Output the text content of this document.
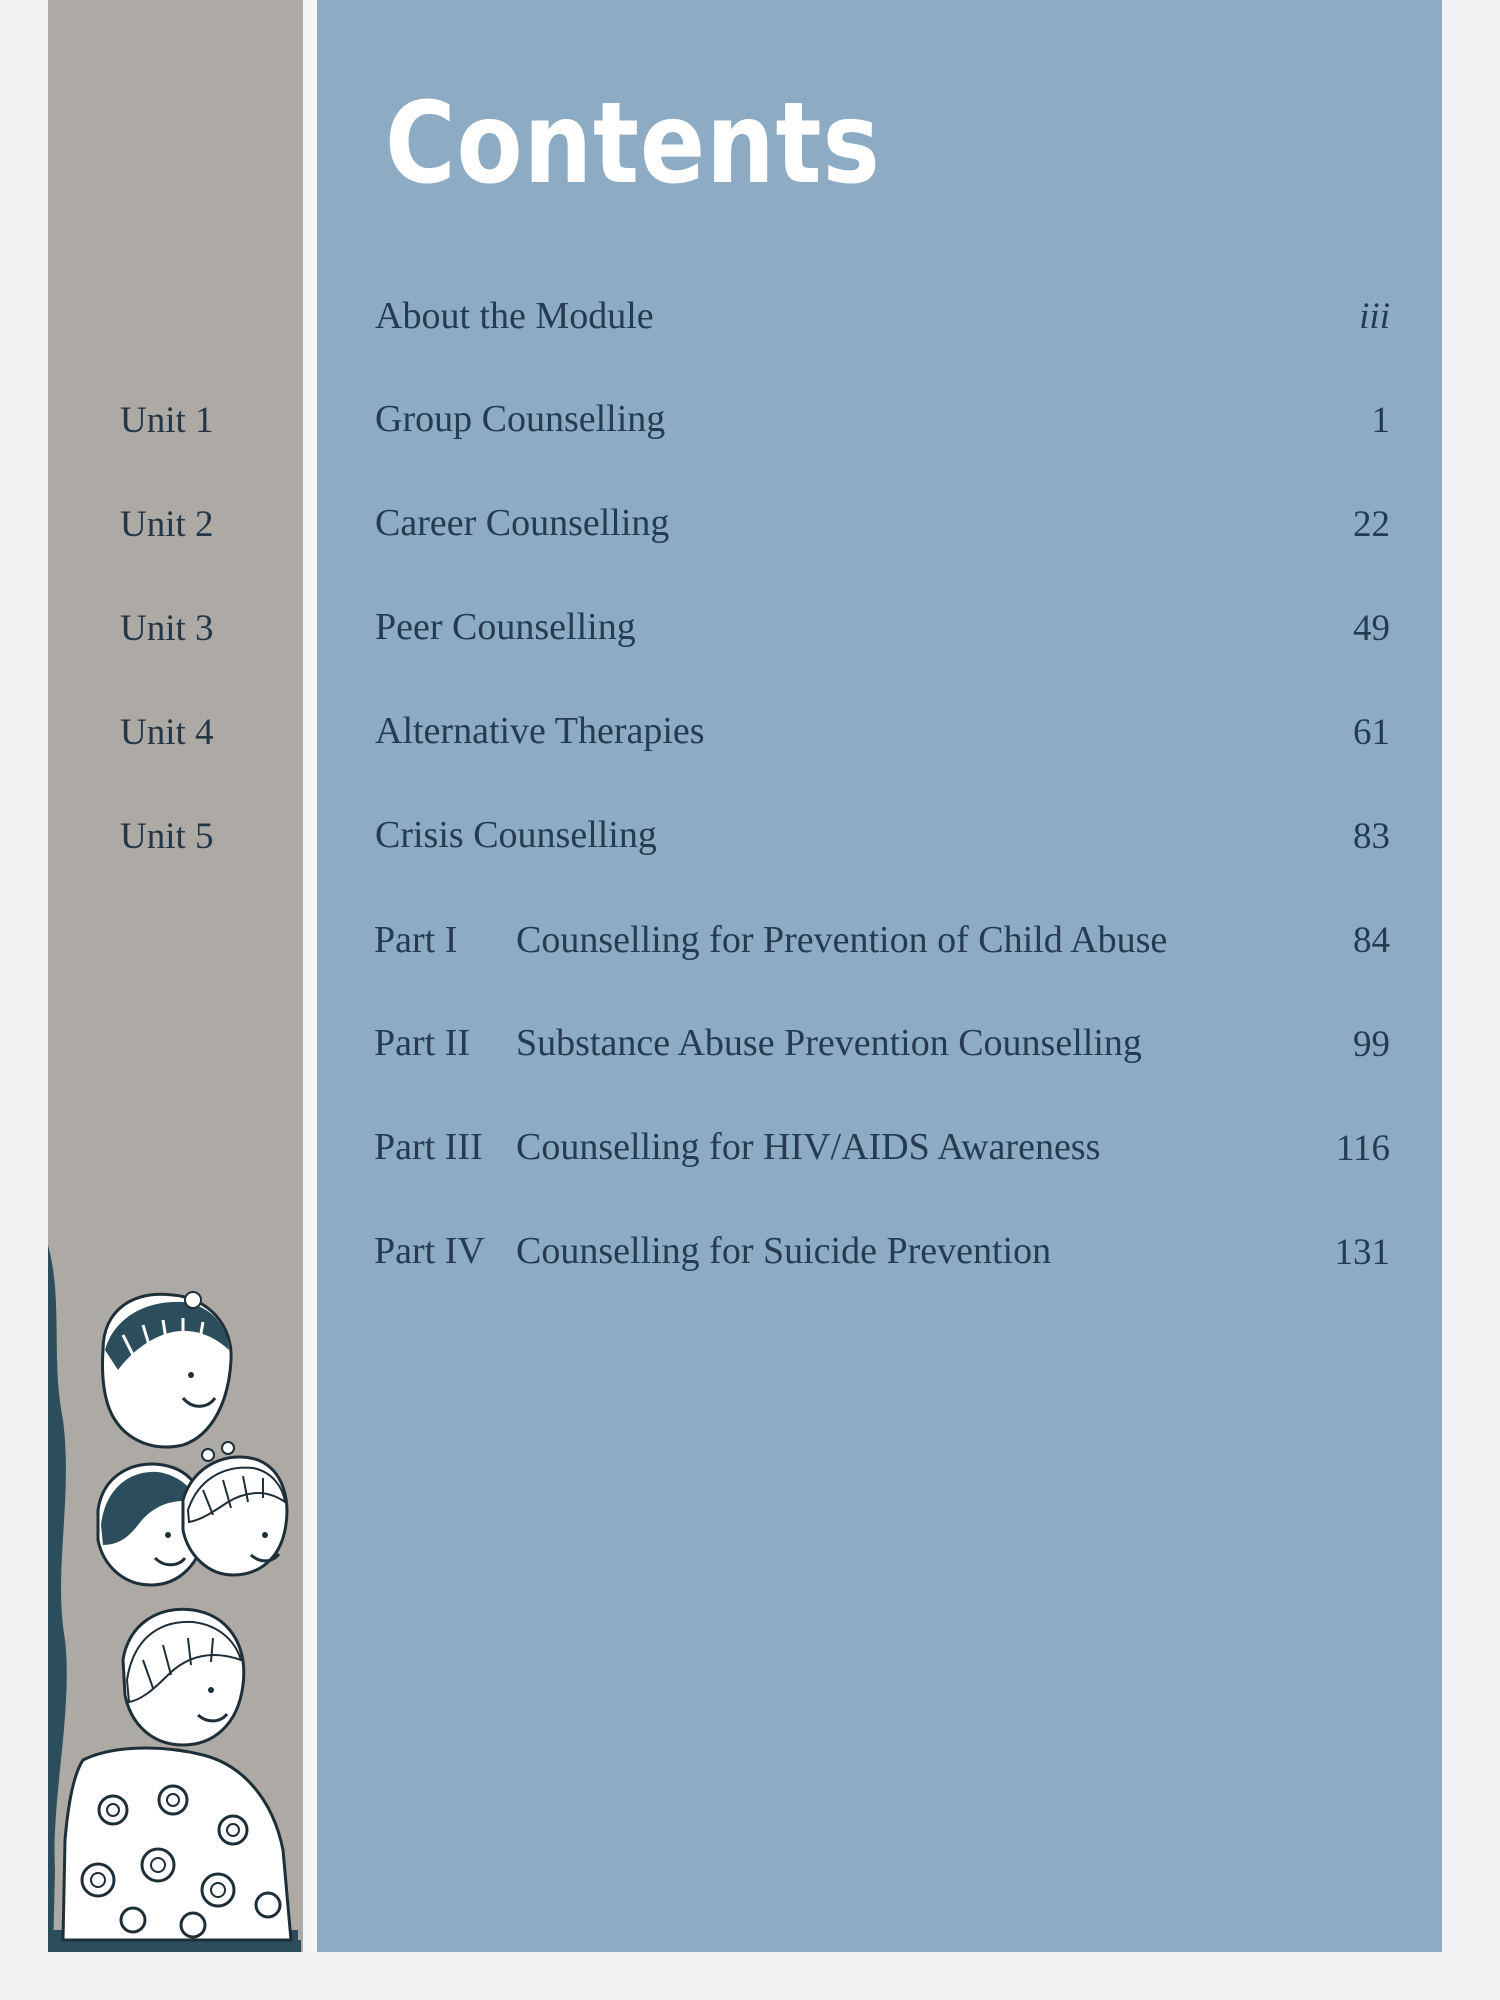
Contents
About the Module	iii
Unit 1	Group Counselling	1
Unit 2	Career Counselling	22
Unit 3	Peer Counselling	49
Unit 4	Alternative Therapies	61
Unit 5	Crisis Counselling	83
Part I Counselling for Prevention of Child Abuse	84
Part II Substance Abuse Prevention Counselling	99
Part III Counselling for HIV/AIDS Awareness	116
Part IV Counselling for Suicide Prevention	131
